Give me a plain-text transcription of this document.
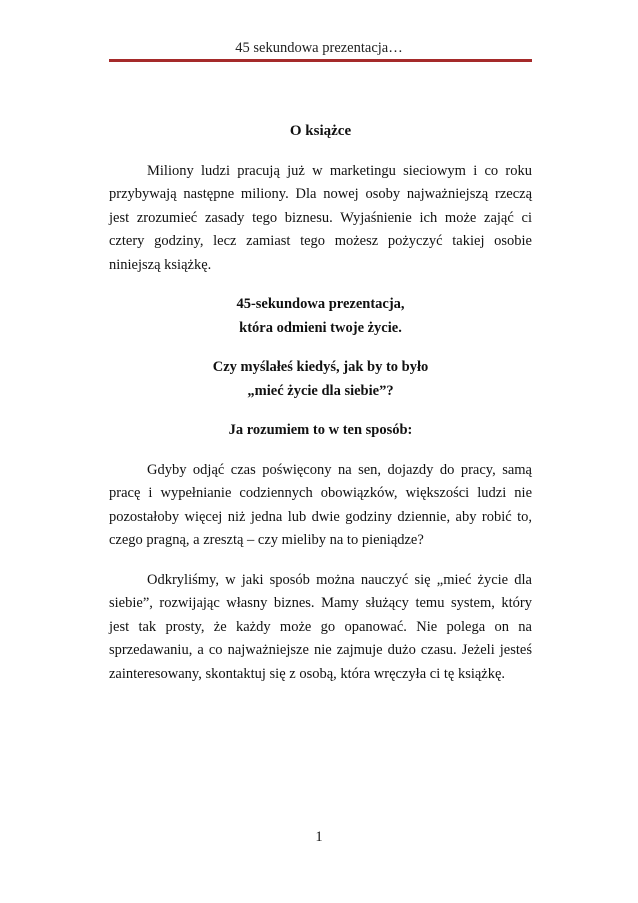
45 sekundowa prezentacja…

O książce

Miliony ludzi pracują już w marketingu sieciowym i co roku przybywają następne miliony. Dla nowej osoby najważniejszą rzeczą jest zrozumieć zasady tego biznesu. Wyjaśnienie ich może zająć ci cztery godziny, lecz zamiast tego możesz pożyczyć takiej osobie niniejszą książkę.

45-sekundowa prezentacja,

która odmieni twoje życie.

Czy myślałeś kiedyś, jak by to było

„mieć życie dla siebie”?

Ja rozumiem to w ten sposób:

Gdyby odjąć czas poświęcony na sen, dojazdy do pracy, samą pracę i wypełnianie codziennych obowiązków, większości ludzi nie pozostałoby więcej niż jedna lub dwie godziny dziennie, aby robić to, czego pragną, a zresztą – czy mieliby na to pieniądze?

Odkryliśmy, w jaki sposób można nauczyć się „mieć życie dla siebie”, rozwijając własny biznes. Mamy służący temu system, który jest tak prosty, że każdy może go opanować. Nie polega on na sprzedawaniu, a co najważniejsze nie zajmuje dużo czasu. Jeżeli jesteś zainteresowany, skontaktuj się z osobą, która wręczyła ci tę książkę.

1
